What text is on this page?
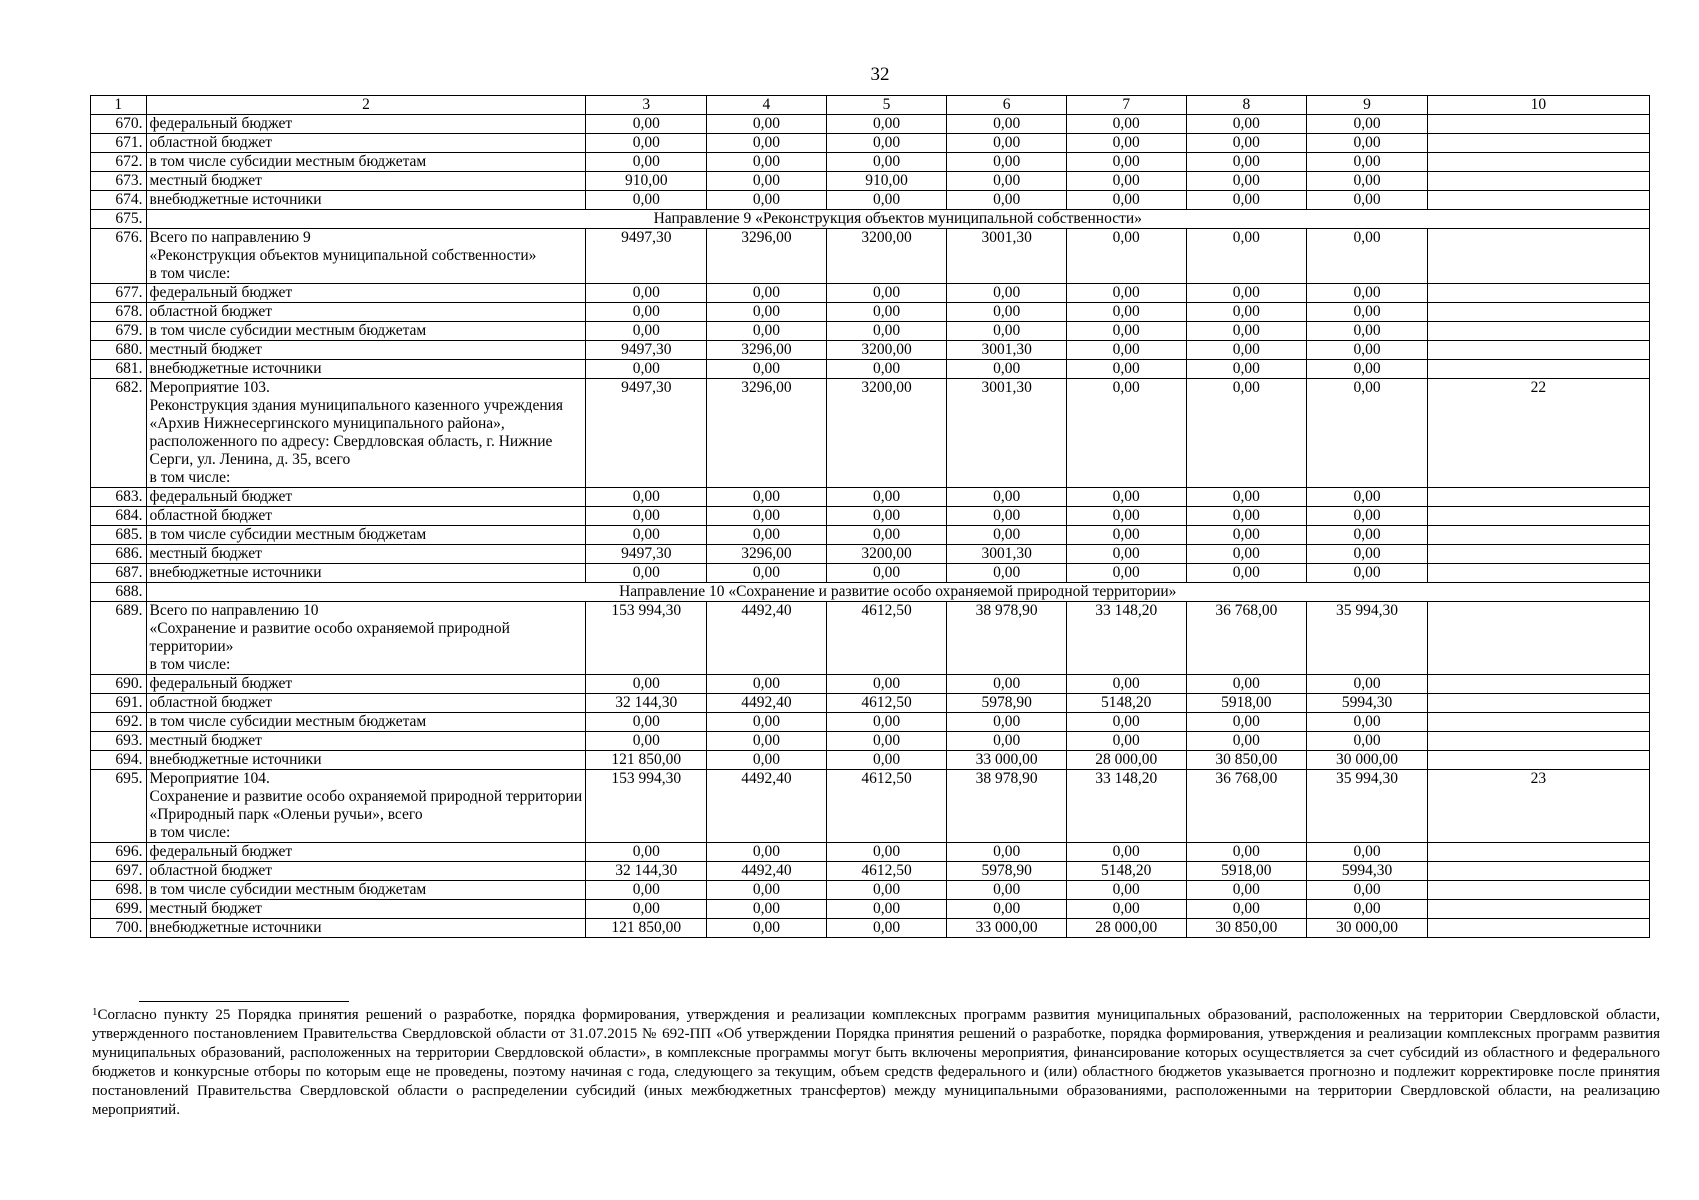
32
1	2	3	4	5	6	7	8	9	10
670.	федеральный бюджет	0,00	0,00	0,00	0,00	0,00	0,00	0,00	
671.	областной бюджет	0,00	0,00	0,00	0,00	0,00	0,00	0,00	
672.	в том числе субсидии местным бюджетам	0,00	0,00	0,00	0,00	0,00	0,00	0,00	
673.	местный бюджет	910,00	0,00	910,00	0,00	0,00	0,00	0,00	
674.	внебюджетные источники	0,00	0,00	0,00	0,00	0,00	0,00	0,00	
675.	Направление 9 «Реконструкция объектов муниципальной собственности»								
676.	Всего по направлению 9
«Реконструкция объектов муниципальной собственности»
в том числе:	9497,30	3296,00	3200,00	3001,30	0,00	0,00	0,00	
677.	федеральный бюджет	0,00	0,00	0,00	0,00	0,00	0,00	0,00	
678.	областной бюджет	0,00	0,00	0,00	0,00	0,00	0,00	0,00	
679.	в том числе субсидии местным бюджетам	0,00	0,00	0,00	0,00	0,00	0,00	0,00	
680.	местный бюджет	9497,30	3296,00	3200,00	3001,30	0,00	0,00	0,00	
681.	внебюджетные источники	0,00	0,00	0,00	0,00	0,00	0,00	0,00	
682.	Мероприятие 103.
Реконструкция здания муниципального казенного учреждения «Архив Нижнесергинского муниципального района», расположенного по адресу: Свердловская область, г. Нижние Серги, ул. Ленина, д. 35, всего
в том числе:	9497,30	3296,00	3200,00	3001,30	0,00	0,00	0,00	22
683.	федеральный бюджет	0,00	0,00	0,00	0,00	0,00	0,00	0,00	
684.	областной бюджет	0,00	0,00	0,00	0,00	0,00	0,00	0,00	
685.	в том числе субсидии местным бюджетам	0,00	0,00	0,00	0,00	0,00	0,00	0,00	
686.	местный бюджет	9497,30	3296,00	3200,00	3001,30	0,00	0,00	0,00	
687.	внебюджетные источники	0,00	0,00	0,00	0,00	0,00	0,00	0,00	
688.	Направление 10 «Сохранение и развитие особо охраняемой природной территории»								
689.	Всего по направлению 10
«Сохранение и развитие особо охраняемой природной территории»
в том числе:	153 994,30	4492,40	4612,50	38 978,90	33 148,20	36 768,00	35 994,30	
690.	федеральный бюджет	0,00	0,00	0,00	0,00	0,00	0,00	0,00	
691.	областной бюджет	32 144,30	4492,40	4612,50	5978,90	5148,20	5918,00	5994,30	
692.	в том числе субсидии местным бюджетам	0,00	0,00	0,00	0,00	0,00	0,00	0,00	
693.	местный бюджет	0,00	0,00	0,00	0,00	0,00	0,00	0,00	
694.	внебюджетные источники	121 850,00	0,00	0,00	33 000,00	28 000,00	30 850,00	30 000,00	
695.	Мероприятие 104.
Сохранение и развитие особо охраняемой природной территории «Природный парк «Оленьи ручьи», всего
в том числе:	153 994,30	4492,40	4612,50	38 978,90	33 148,20	36 768,00	35 994,30	23
696.	федеральный бюджет	0,00	0,00	0,00	0,00	0,00	0,00	0,00	
697.	областной бюджет	32 144,30	4492,40	4612,50	5978,90	5148,20	5918,00	5994,30	
698.	в том числе субсидии местным бюджетам	0,00	0,00	0,00	0,00	0,00	0,00	0,00	
699.	местный бюджет	0,00	0,00	0,00	0,00	0,00	0,00	0,00	
700.	внебюджетные источники	121 850,00	0,00	0,00	33 000,00	28 000,00	30 850,00	30 000,00	
$^1$Согласно пункту 25 Порядка принятия решений о разработке, порядка формирования, утверждения и реализации комплексных программ развития муниципальных образований, расположенных на территории Свердловской области, утвержденного постановлением Правительства Свердловской области от 31.07.2015 № 692-ПП «Об утверждении Порядка принятия решений о разработке, порядка формирования, утверждения и реализации комплексных программ развития муниципальных образований, расположенных на территории Свердловской области», в комплексные программы могут быть включены мероприятия, финансирование которых осуществляется за счет субсидий из областного и федерального бюджетов и конкурсные отборы по которым еще не проведены, поэтому начиная с года, следующего за текущим, объем средств федерального и (или) областного бюджетов указывается прогнозно и подлежит корректировке после принятия постановлений Правительства Свердловской области о распределении субсидий (иных межбюджетных трансфертов) между муниципальными образованиями, расположенными на территории Свердловской области, на реализацию мероприятий.
